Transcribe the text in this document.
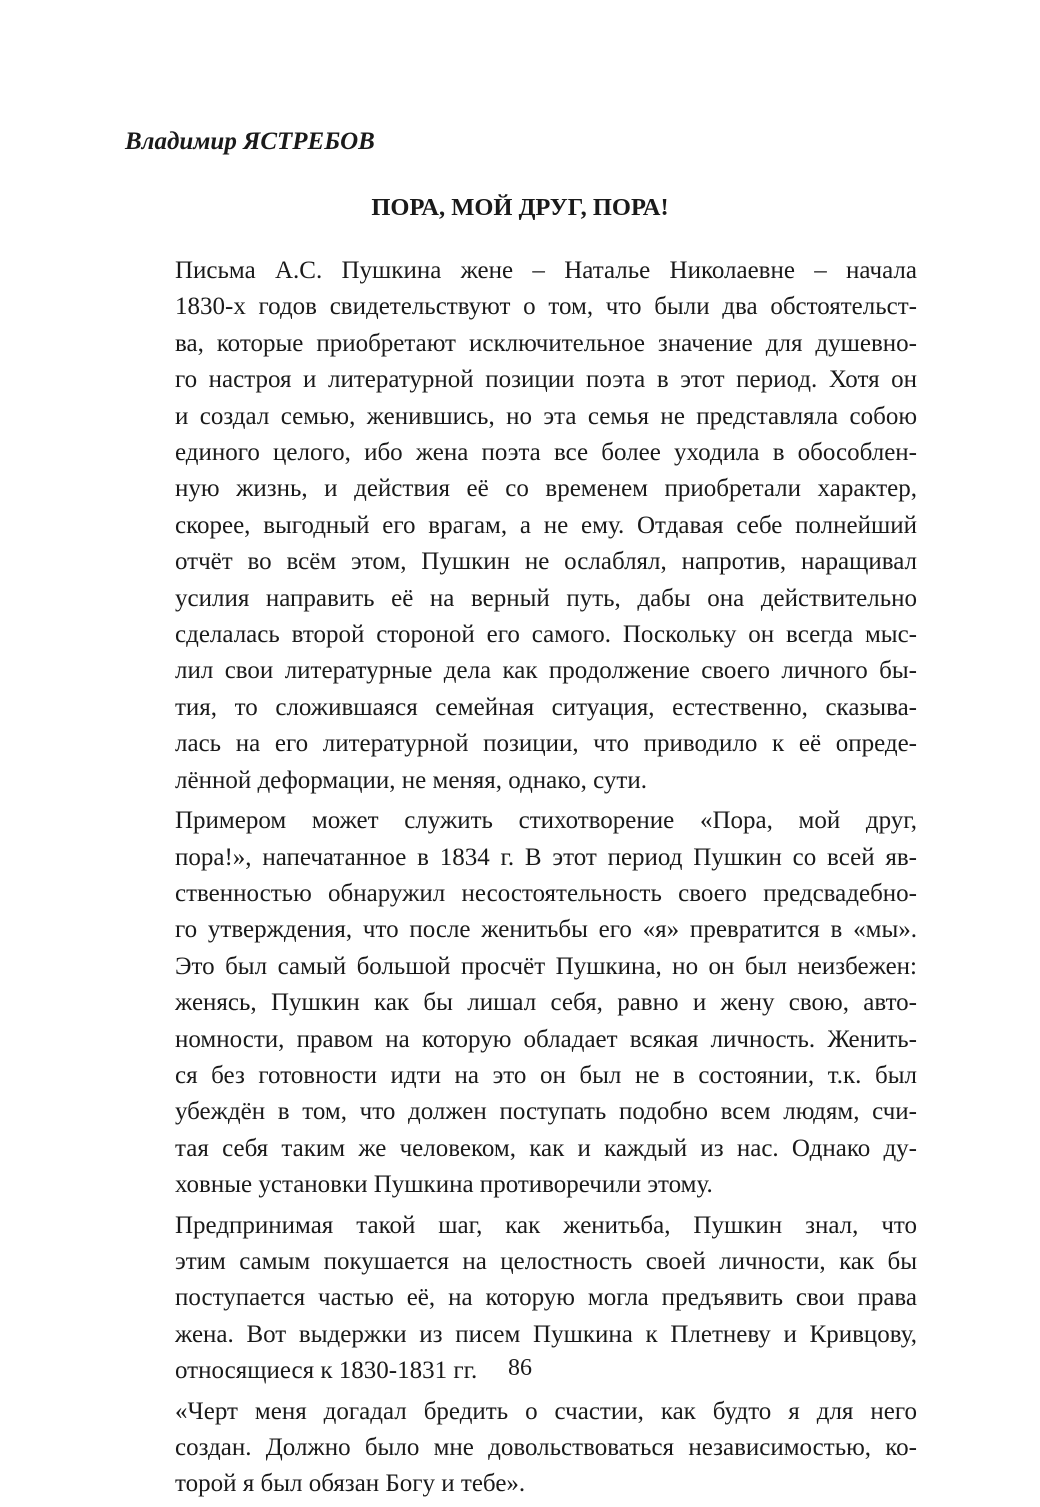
Владимир ЯСТРЕБОВ

ПОРА, МОЙ ДРУГ, ПОРА!

Письма А.С. Пушкина жене – Наталье Николаевне – начала
1830-х годов свидетельствуют о том, что были два обстоятельст-
ва, которые приобретают исключительное значение для душевно-
го настроя и литературной позиции поэта в этот период. Хотя он
и создал семью, женившись, но эта семья не представляла собою
единого целого, ибо жена поэта все более уходила в обособлен-
ную жизнь, и действия её со временем приобретали характер,
скорее, выгодный его врагам, а не ему. Отдавая себе полнейший
отчёт во всём этом, Пушкин не ослаблял, напротив, наращивал
усилия направить её на верный путь, дабы она действительно
сделалась второй стороной его самого. Поскольку он всегда мыс-
лил свои литературные дела как продолжение своего личного бы-
тия, то сложившаяся семейная ситуация, естественно, сказыва-
лась на его литературной позиции, что приводило к её опреде-
лённой деформации, не меняя, однако, сути.

Примером может служить стихотворение «Пора, мой друг,
пора!», напечатанное в 1834 г. В этот период Пушкин со всей яв-
ственностью обнаружил несостоятельность своего предсвадебно-
го утверждения, что после женитьбы его «я» превратится в «мы».
Это был самый большой просчёт Пушкина, но он был неизбежен:
женясь, Пушкин как бы лишал себя, равно и жену свою, авто-
номности, правом на которую обладает всякая личность. Женить-
ся без готовности идти на это он был не в состоянии, т.к. был
убеждён в том, что должен поступать подобно всем людям, счи-
тая себя таким же человеком, как и каждый из нас. Однако ду-
ховные установки Пушкина противоречили этому.

Предпринимая такой шаг, как женитьба, Пушкин знал, что
этим самым покушается на целостность своей личности, как бы
поступается частью её, на которую могла предъявить свои права
жена. Вот выдержки из писем Пушкина к Плетневу и Кривцову,
относящиеся к 1830-1831 гг.

«Черт меня догадал бредить о счастии, как будто я для него
создан. Должно было мне довольствоваться независимостью, ко-
торой я был обязан Богу и тебе».

86
